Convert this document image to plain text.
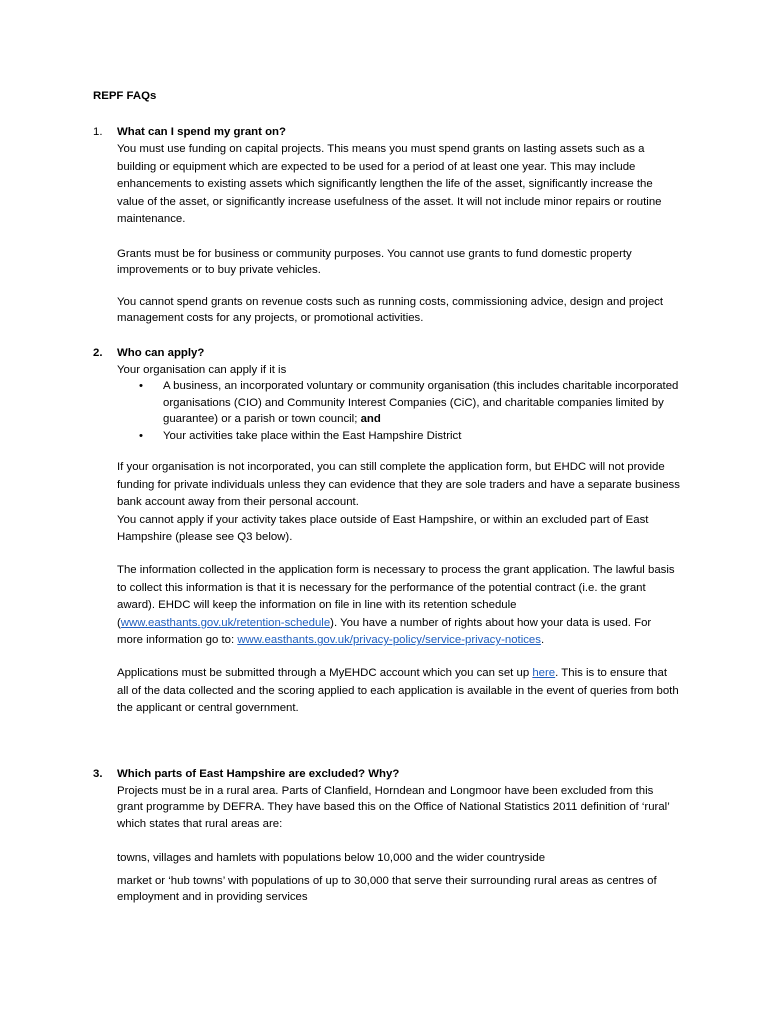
REPF FAQs
1.	What can I spend my grant on?

You must use funding on capital projects. This means you must spend grants on lasting assets such as a building or equipment which are expected to be used for a period of at least one year. This may include enhancements to existing assets which significantly lengthen the life of the asset, significantly increase the value of the asset, or significantly increase usefulness of the asset. It will not include minor repairs or routine maintenance.

Grants must be for business or community purposes. You cannot use grants to fund domestic property improvements or to buy private vehicles.

You cannot spend grants on revenue costs such as running costs, commissioning advice, design and project management costs for any projects, or promotional activities.

2.	Who can apply?

Your organisation can apply if it is

•	A business, an incorporated voluntary or community organisation (this includes charitable incorporated organisations (CIO) and Community Interest Companies (CiC), and charitable companies limited by guarantee) or a parish or town council; and
•	Your activities take place within the East Hampshire District

If your organisation is not incorporated, you can still complete the application form, but EHDC will not provide funding for private individuals unless they can evidence that they are sole traders and have a separate business bank account away from their personal account.

You cannot apply if your activity takes place outside of East Hampshire, or within an excluded part of East Hampshire (please see Q3 below).

The information collected in the application form is necessary to process the grant application. The lawful basis to collect this information is that it is necessary for the performance of the potential contract (i.e. the grant award). EHDC will keep the information on file in line with its retention schedule (www.easthants.gov.uk/retention-schedule). You have a number of rights about how your data is used. For more information go to: www.easthants.gov.uk/privacy-policy/service-privacy-notices.

Applications must be submitted through a MyEHDC account which you can set up here. This is to ensure that all of the data collected and the scoring applied to each application is available in the event of queries from both the applicant or central government.

3.	Which parts of East Hampshire are excluded? Why?

Projects must be in a rural area. Parts of Clanfield, Horndean and Longmoor have been excluded from this grant programme by DEFRA. They have based this on the Office of National Statistics 2011 definition of ‘rural’ which states that rural areas are:

towns, villages and hamlets with populations below 10,000 and the wider countryside

market or ‘hub towns’ with populations of up to 30,000 that serve their surrounding rural areas as centres of employment and in providing services
